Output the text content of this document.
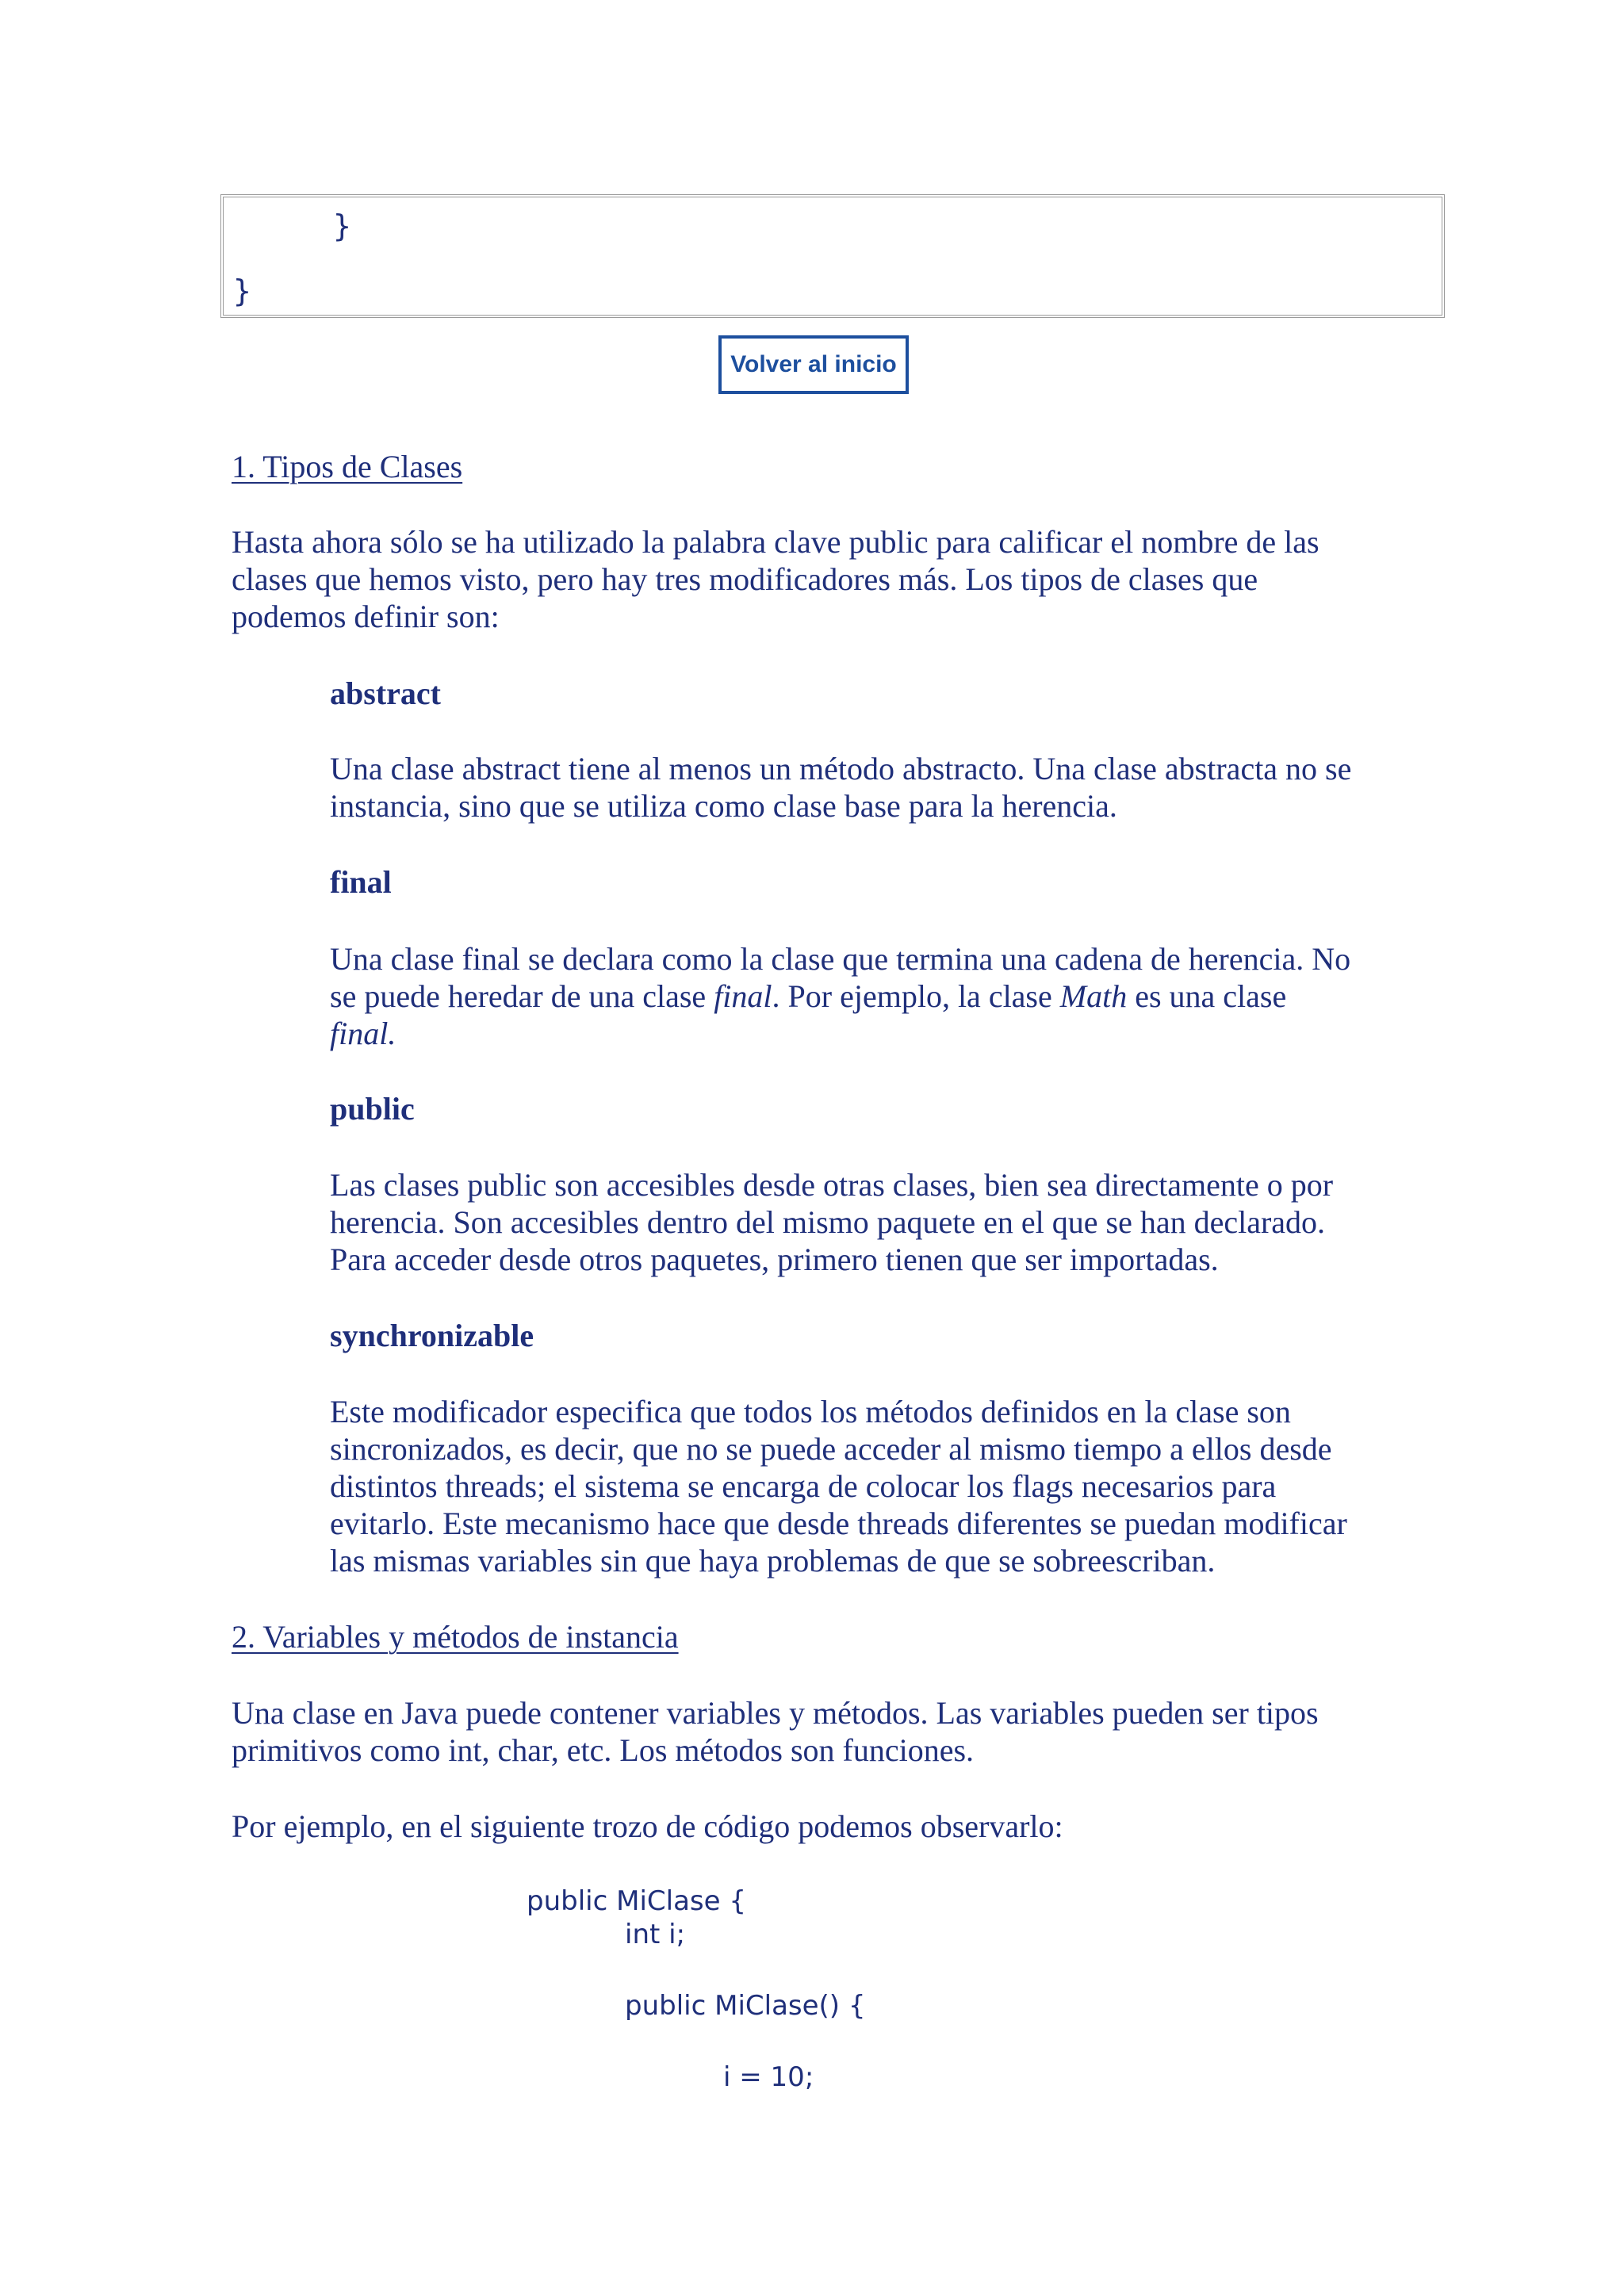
}
}
Volver al inicio
1. Tipos de Clases
Hasta ahora sólo se ha utilizado la palabra clave public para calificar el nombre de las
clases que hemos visto, pero hay tres modificadores más. Los tipos de clases que
podemos definir son:
abstract
Una clase abstract tiene al menos un método abstracto. Una clase abstracta no se
instancia, sino que se utiliza como clase base para la herencia.
final
Una clase final se declara como la clase que termina una cadena de herencia. No
se puede heredar de una clase final. Por ejemplo, la clase Math es una clase
final.
public
Las clases public son accesibles desde otras clases, bien sea directamente o por
herencia. Son accesibles dentro del mismo paquete en el que se han declarado.
Para acceder desde otros paquetes, primero tienen que ser importadas.
synchronizable
Este modificador especifica que todos los métodos definidos en la clase son
sincronizados, es decir, que no se puede acceder al mismo tiempo a ellos desde
distintos threads; el sistema se encarga de colocar los flags necesarios para
evitarlo. Este mecanismo hace que desde threads diferentes se puedan modificar
las mismas variables sin que haya problemas de que se sobreescriban.
2. Variables y métodos de instancia
Una clase en Java puede contener variables y métodos. Las variables pueden ser tipos
primitivos como int, char, etc. Los métodos son funciones.
Por ejemplo, en el siguiente trozo de código podemos observarlo:
public MiClase {
int i;
public MiClase() {
i = 10;
